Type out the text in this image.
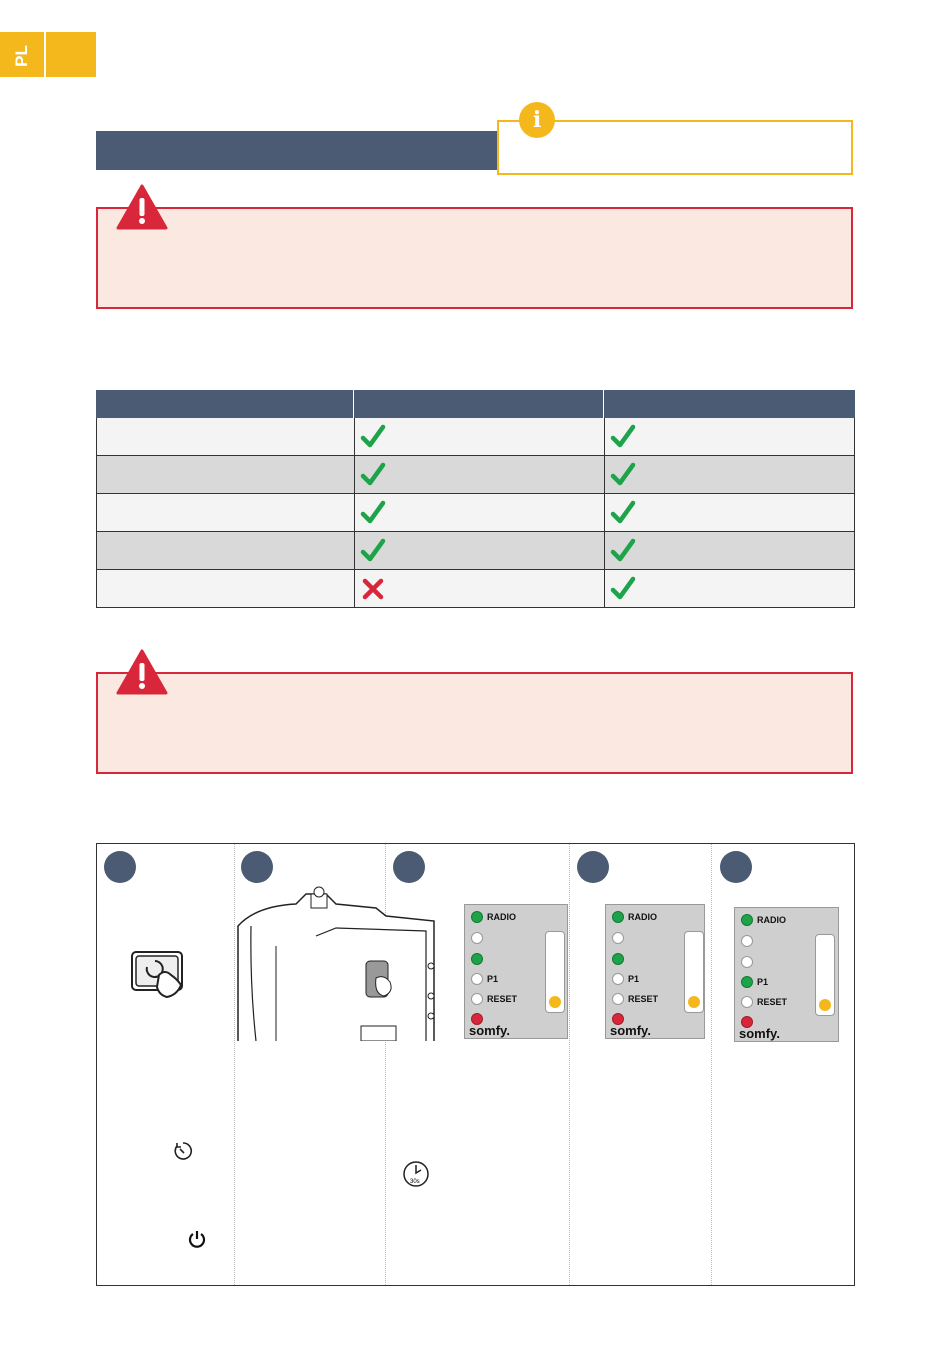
PL
i
RADIO
P1
RESET
somfy.
30s
RADIO
P1
RESET
somfy.
RADIO
P1
RESET
somfy.
